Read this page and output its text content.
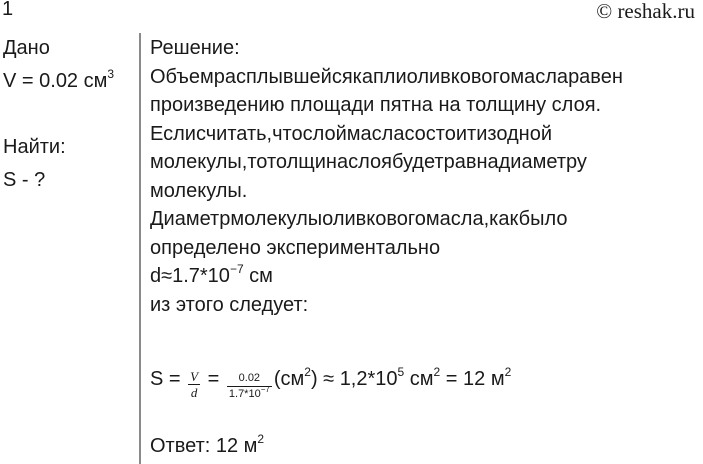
1	© reshak.ru
Дано
V = 0.02 $см^3$
Найти:
S - ?
Решение:
Объемрасплывшейсякаплиоливковогомасларавен
произведению площади пятна на толщину слоя.
Еслисчитать,чтослоймасласостоитизодной
молекулы,тотолщинаслоябудетравнадиаметру
молекулы.
Диаметрмолекулыоливковогомасла,какбыло
определено экспериментально
$d\approx 1.7*10^{-7}$ см
из этого следует:
$S = \frac{V}{d} = \frac{0.02}{1.7*10^{-7}} (см^2) \approx 1,2*10^5$ $см^2 = 12$ $м^2$
Ответ: 12 $м^2$
